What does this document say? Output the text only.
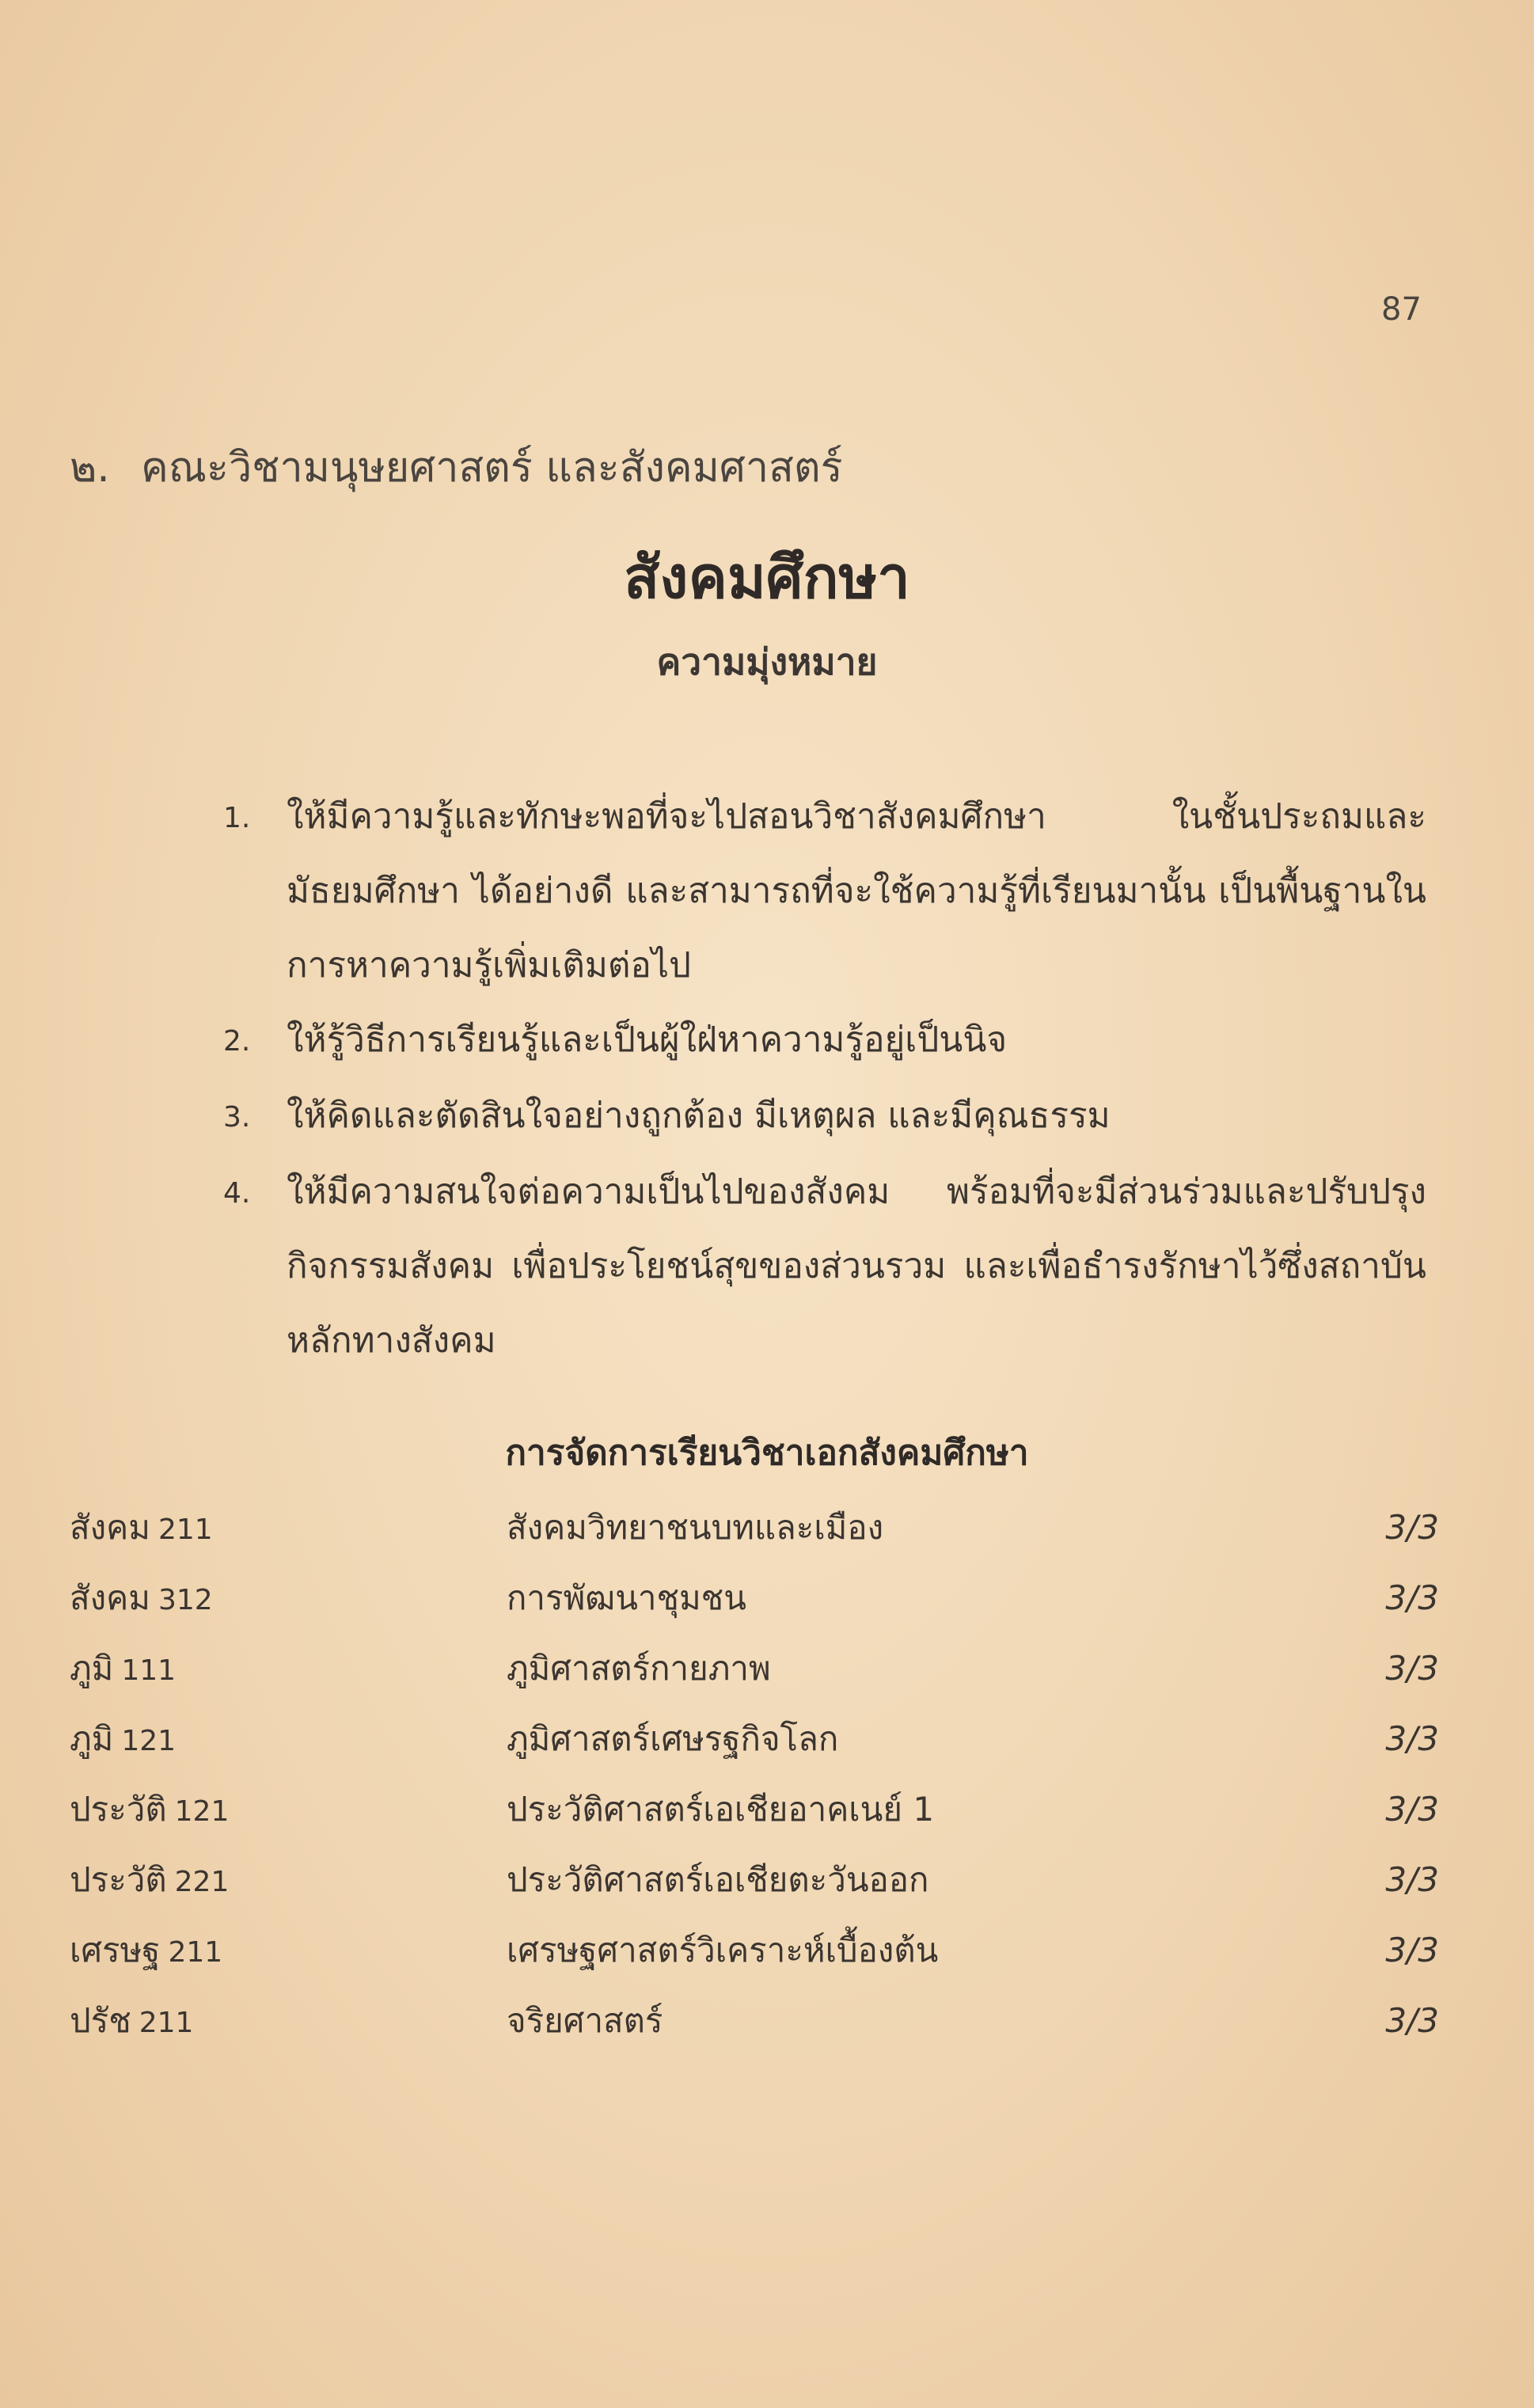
87
๒. คณะวิชามนุษยศาสตร์ และสังคมศาสตร์
สังคมศึกษา
ความมุ่งหมาย
1.	ให้มีความรู้และทักษะพอที่จะไปสอนวิชาสังคมศึกษา ในชั้นประถมและมัธยมศึกษา ได้อย่างดี และสามารถที่จะใช้ความรู้ที่เรียนมานั้น เป็นพื้นฐานในการหาความรู้เพิ่มเติมต่อไป
2.	ให้รู้วิธีการเรียนรู้และเป็นผู้ใฝ่หาความรู้อยู่เป็นนิจ
3.	ให้คิดและตัดสินใจอย่างถูกต้อง มีเหตุผล และมีคุณธรรม
4.	ให้มีความสนใจต่อความเป็นไปของสังคม พร้อมที่จะมีส่วนร่วมและปรับปรุงกิจกรรมสังคม เพื่อประโยชน์สุขของส่วนรวม และเพื่อธำรงรักษาไว้ซึ่งสถาบันหลักทางสังคม
การจัดการเรียนวิชาเอกสังคมศึกษา
สังคม 211	สังคมวิทยาชนบทและเมือง	3/3
สังคม 312	การพัฒนาชุมชน	3/3
ภูมิ 111	ภูมิศาสตร์กายภาพ	3/3
ภูมิ 121	ภูมิศาสตร์เศษรฐกิจโลก	3/3
ประวัติ 121	ประวัติศาสตร์เอเชียอาคเนย์ 1	3/3
ประวัติ 221	ประวัติศาสตร์เอเชียตะวันออก	3/3
เศรษฐ 211	เศรษฐศาสตร์วิเคราะห์เบื้องต้น	3/3
ปรัช 211	จริยศาสตร์	3/3
